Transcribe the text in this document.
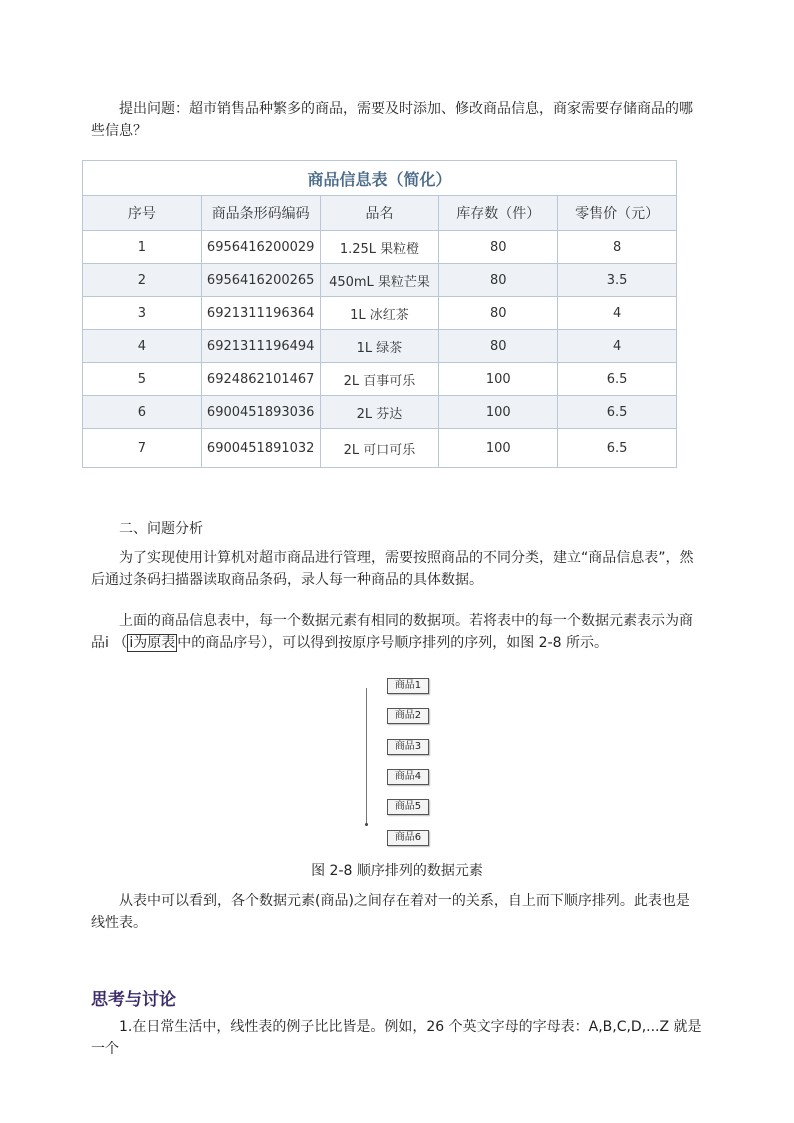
提出问题：超市销售品种繁多的商品，需要及时添加、修改商品信息，商家需要存储商品的哪些信息？

商品信息表（简化）				
序号	商品条形码编码	品名	库存数（件）	零售价（元）
1	6956416200029	1.25L 果粒橙	80	8
2	6956416200265	450mL 果粒芒果	80	3.5
3	6921311196364	1L 冰红茶	80	4
4	6921311196494	1L 绿茶	80	4
5	6924862101467	2L 百事可乐	100	6.5
6	6900451893036	2L 芬达	100	6.5
7	6900451891032	2L 可口可乐	100	6.5

二、问题分析

为了实现使用计算机对超市商品进行管理，需要按照商品的不同分类，建立“商品信息表”，然后通过条码扫描器读取商品条码，录人每一种商品的具体数据。

上面的商品信息表中，每一个数据元素有相同的数据项。若将表中的每一个数据元素表示为商品i （ i为原表 中的商品序号），可以得到按原序号顺序排列的序列，如图 2-8 所示。

商品1
商品2
商品3
商品4
商品5
商品6

图 2-8 顺序排列的数据元素

从表中可以看到，各个数据元素(商品)之间存在着对一的关系，自上而下顺序排列。此表也是线性表。

思考与讨论

1.在日常生活中，线性表的例子比比皆是。例如，26 个英文字母的字母表：A,B,C,D,...Z 就是一个
